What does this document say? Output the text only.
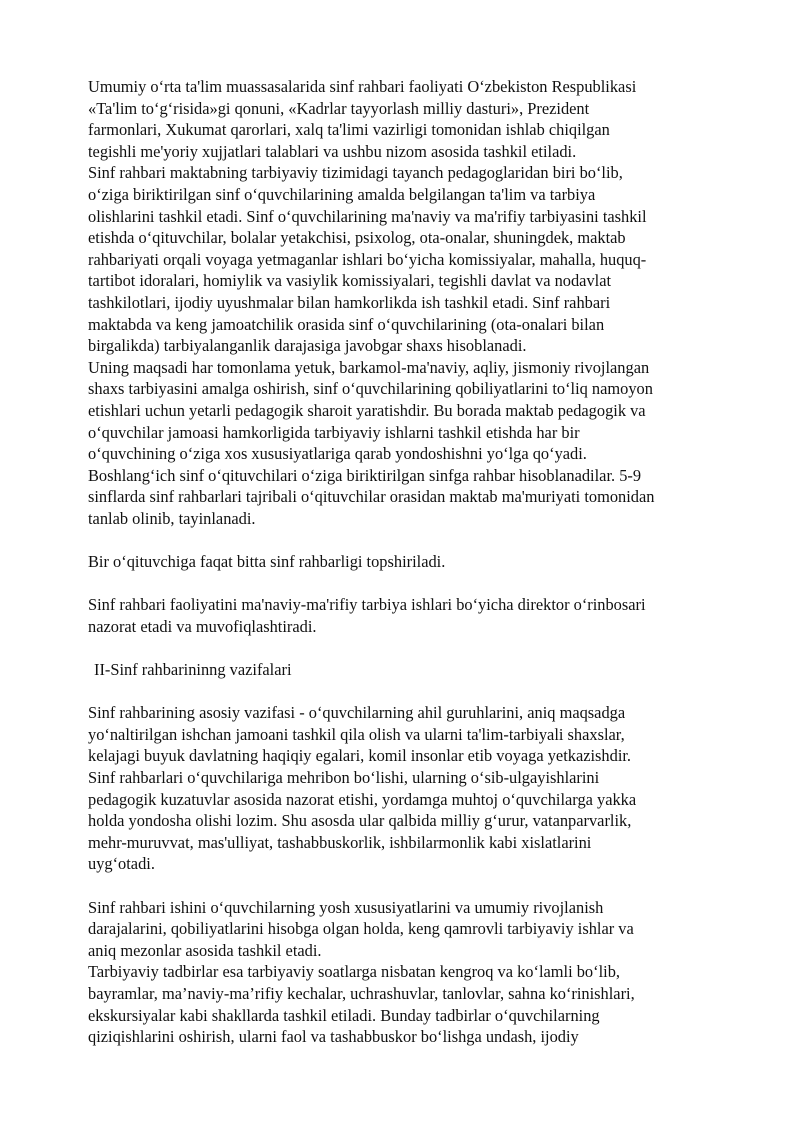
Umumiy o‘rta ta'lim muassasalarida sinf rahbari faoliyati O‘zbekiston Respublikasi
«Ta'lim to‘g‘risida»gi qonuni, «Kadrlar tayyorlash milliy dasturi», Prezident
farmonlari, Xukumat qarorlari, xalq ta'limi vazirligi tomonidan ishlab chiqilgan
tegishli me'yoriy xujjatlari talablari va ushbu nizom asosida tashkil etiladi.

Sinf rahbari maktabning tarbiyaviy tizimidagi tayanch pedagoglaridan biri bo‘lib,
o‘ziga biriktirilgan sinf o‘quvchilarining amalda belgilangan ta'lim va tarbiya
olishlarini tashkil etadi. Sinf o‘quvchilarining ma'naviy va ma'rifiy tarbiyasini tashkil
etishda o‘qituvchilar, bolalar yetakchisi, psixolog, ota-onalar, shuningdek, maktab
rahbariyati orqali voyaga yetmaganlar ishlari bo‘yicha komissiyalar, mahalla, huquq-
tartibot idoralari, homiylik va vasiylik komissiyalari, tegishli davlat va nodavlat
tashkilotlari, ijodiy uyushmalar bilan hamkorlikda ish tashkil etadi. Sinf rahbari
maktabda va keng jamoatchilik orasida sinf o‘quvchilarining (ota-onalari bilan
birgalikda) tarbiyalanganlik darajasiga javobgar shaxs hisoblanadi.

Uning maqsadi har tomonlama yetuk, barkamol-ma'naviy, aqliy, jismoniy rivojlangan
shaxs tarbiyasini amalga oshirish, sinf o‘quvchilarining qobiliyatlarini to‘liq namoyon
etishlari uchun yetarli pedagogik sharoit yaratishdir. Bu borada maktab pedagogik va
o‘quvchilar jamoasi hamkorligida tarbiyaviy ishlarni tashkil etishda har bir
o‘quvchining o‘ziga xos xususiyatlariga qarab yondoshishni yo‘lga qo‘yadi.

Boshlang‘ich sinf o‘qituvchilari o‘ziga biriktirilgan sinfga rahbar hisoblanadilar. 5-9
sinflarda sinf rahbarlari tajribali o‘qituvchilar orasidan maktab ma'muriyati tomonidan
tanlab olinib, tayinlanadi.

Bir o‘qituvchiga faqat bitta sinf rahbarligi topshiriladi.

Sinf rahbari faoliyatini ma'naviy-ma'rifiy tarbiya ishlari bo‘yicha direktor o‘rinbosari
nazorat etadi va muvofiqlashtiradi.

II-Sinf rahbarininng vazifalari

Sinf rahbarining asosiy vazifasi - o‘quvchilarning ahil guruhlarini, aniq maqsadga
yo‘naltirilgan ishchan jamoani tashkil qila olish va ularni ta'lim-tarbiyali shaxslar,
kelajagi buyuk davlatning haqiqiy egalari, komil insonlar etib voyaga yetkazishdir.

Sinf rahbarlari o‘quvchilariga mehribon bo‘lishi, ularning o‘sib-ulgayishlarini
pedagogik kuzatuvlar asosida nazorat etishi, yordamga muhtoj o‘quvchilarga yakka
holda yondosha olishi lozim. Shu asosda ular qalbida milliy g‘urur, vatanparvarlik,
mehr-muruvvat, mas'ulliyat, tashabbuskorlik, ishbilarmonlik kabi xislatlarini
uyg‘otadi.

Sinf rahbari ishini o‘quvchilarning yosh xususiyatlarini va umumiy rivojlanish
darajalarini, qobiliyatlarini hisobga olgan holda, keng qamrovli tarbiyaviy ishlar va
aniq mezonlar asosida tashkil etadi.

Tarbiyaviy tadbirlar esa tarbiyaviy soatlarga nisbatan kengroq va ko‘lamli bo‘lib,
bayramlar, ma’naviy-ma’rifiy kechalar, uchrashuvlar, tanlovlar, sahna ko‘rinishlari,
ekskursiyalar kabi shakllarda tashkil etiladi. Bunday tadbirlar o‘quvchilarning
qiziqishlarini oshirish, ularni faol va tashabbuskor bo‘lishga undash, ijodiy
